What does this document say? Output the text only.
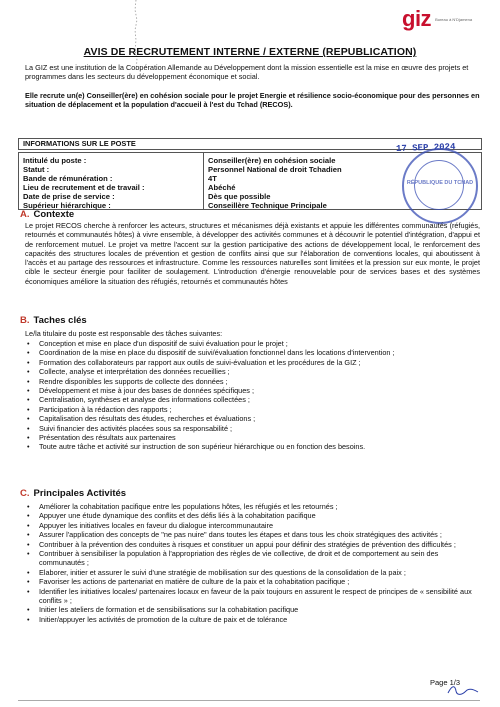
giz Bureau à N'Djamena
AVIS DE RECRUTEMENT INTERNE / EXTERNE (REPUBLICATION)
La GIZ est une institution de la Coopération Allemande au Développement dont la mission essentielle est la mise en œuvre des projets et programmes dans les secteurs du développement économique et social.
Elle recrute un(e) Conseiller(ère) en cohésion sociale pour le projet Energie et résilience socio-économique pour des personnes en situation de déplacement et la population d'accueil à l'est du Tchad (RECOS).
INFORMATIONS SUR LE POSTE	17 SEP 2024
Intitulé du poste :
Statut :
Bande de rémunération :
Lieu de recrutement et de travail :
Date de prise de service :
Supérieur hiérarchique :
Conseiller(ère) en cohésion sociale
Personnel National de droit Tchadien
4T
Abéché
Dès que possible
Conseillère Technique Principale
RÉPUBLIQUE DU TCHAD
A. Contexte
Le projet RECOS cherche à renforcer les acteurs, structures et mécanismes déjà existants et appuie les différentes communautés (réfugiés, retournés et communautés hôtes) à vivre ensemble, à développer des activités communes et à découvrir le potentiel d'intégration, d'appui et de renforcement mutuel. Le projet va mettre l'accent sur la gestion participative des actions de développement local, le renforcement des capacités des structures locales de prévention et gestion de conflits ainsi que sur l'élaboration de conventions locales, qui aboutissent à l'accès et au partage des ressources et infrastructure. Comme les ressources naturelles sont limitées et la pression sur eux monte, le projet cible le secteur énergie pour faciliter de soulagement. L'introduction d'énergie renouvelable pour de services bases et des systèmes économiques améliore la situation des réfugiés, retournés et communautés hôtes
B. Taches clés
Le/la titulaire du poste est responsable des tâches suivantes:
• Conception et mise en place d'un dispositif de suivi évaluation pour le projet ;
• Coordination de la mise en place du dispositif de suivi/évaluation fonctionnel dans les locations d'intervention ;
• Formation des collaborateurs par rapport aux outils de suivi-évaluation et les procédures de la GIZ ;
• Collecte, analyse et interprétation des données recueillies ;
• Rendre disponibles les supports de collecte des données ;
• Développement et mise à jour des bases de données spécifiques ;
• Centralisation, synthèses et analyse des informations collectées ;
• Participation à la rédaction des rapports ;
• Capitalisation des résultats des études, recherches et évaluations ;
• Suivi financier des activités placées sous sa responsabilité ;
• Présentation des résultats aux partenaires
• Toute autre tâche et activité sur instruction de son supérieur hiérarchique ou en fonction des besoins.
C. Principales Activités
• Améliorer la cohabitation pacifique entre les populations hôtes, les réfugiés et les retournés ;
• Appuyer une étude dynamique des conflits et des défis liés à la cohabitation pacifique
• Appuyer les initiatives locales en faveur du dialogue intercommunautaire
• Assurer l'application des concepts de "ne pas nuire" dans toutes les étapes et dans tous les choix stratégiques des activités ;
• Contribuer à la prévention des conduites à risques et constituer un appui pour définir des stratégies de prévention des difficultés ;
• Contribuer à sensibiliser la population à l'appropriation des règles de vie collective, de droit et de comportement au sein des communautés ;
• Elaborer, initier et assurer le suivi d'une stratégie de mobilisation sur des questions de la consolidation de la paix ;
• Favoriser les actions de partenariat en matière de culture de la paix et la cohabitation pacifique ;
• Identifier les initiatives locales/ partenaires locaux en faveur de la paix toujours en assurent le respect de principes de « sensibilité aux conflits » ;
• Initier les ateliers de formation et de sensibilisations sur la cohabitation pacifique
• Initier/appuyer les activités de promotion de la culture de paix et de tolérance
Page 1/3
